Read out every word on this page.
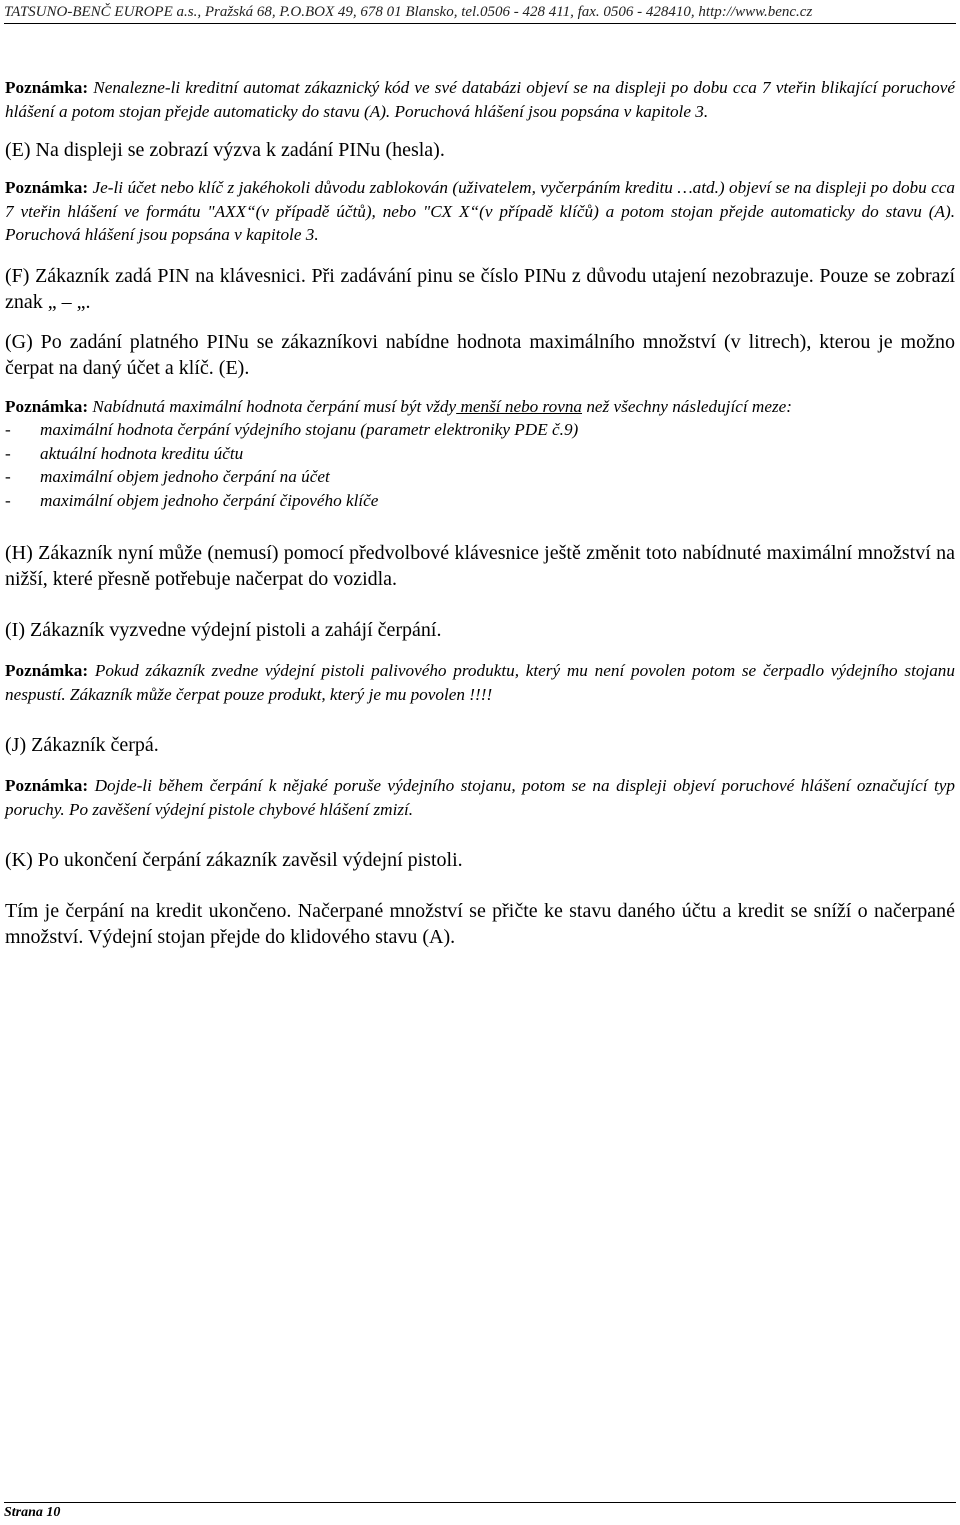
TATSUNO-BENČ EUROPE a.s., Pražská 68, P.O.BOX 49, 678 01 Blansko, tel.0506 - 428 411, fax. 0506 - 428410, http://www.benc.cz

Poznámka: Nenalezne-li kreditní automat zákaznický kód ve své databázi objeví se na displeji po dobu cca 7 vteřin blikající poruchové hlášení a potom stojan přejde automaticky do stavu (A). Poruchová hlášení jsou popsána v kapitole 3.

(E) Na displeji se zobrazí výzva k zadání PINu (hesla).

Poznámka: Je-li účet nebo klíč z jakéhokoli důvodu zablokován (uživatelem, vyčerpáním kreditu …atd.) objeví se na displeji po dobu cca 7 vteřin hlášení ve formátu "AXX“(v případě účtů), nebo "CX X“(v případě klíčů) a potom stojan přejde automaticky do stavu (A). Poruchová hlášení jsou popsána v kapitole 3.

(F) Zákazník zadá PIN na klávesnici. Při zadávání pinu se číslo PINu z důvodu utajení nezobrazuje. Pouze se zobrazí znak „ – „.

(G) Po zadání platného PINu se zákazníkovi nabídne hodnota maximálního množství (v litrech), kterou je možno čerpat na daný účet a klíč. (E).

Poznámka: Nabídnutá maximální hodnota čerpání musí být vždy menší nebo rovna než všechny následující meze:

-	maximální hodnota čerpání výdejního stojanu (parametr elektroniky PDE č.9)

-	aktuální hodnota kreditu účtu

-	maximální objem jednoho čerpání na účet

-	maximální objem jednoho čerpání čipového klíče

(H) Zákazník nyní může (nemusí) pomocí předvolbové klávesnice ještě změnit toto nabídnuté maximální množství na nižší, které přesně potřebuje načerpat do vozidla.

(I) Zákazník vyzvedne výdejní pistoli a zahájí čerpání.

Poznámka: Pokud zákazník zvedne výdejní pistoli palivového produktu, který mu není povolen potom se čerpadlo výdejního stojanu nespustí. Zákazník může čerpat pouze produkt, který je mu povolen !!!!

(J) Zákazník čerpá.

Poznámka: Dojde-li během čerpání k nějaké poruše výdejního stojanu, potom se na displeji objeví poruchové hlášení označující typ poruchy. Po zavěšení výdejní pistole chybové hlášení zmizí.

(K) Po ukončení čerpání zákazník zavěsil výdejní pistoli.

Tím je čerpání na kredit ukončeno. Načerpané množství se přičte ke stavu daného účtu a kredit se sníží o načerpané množství. Výdejní stojan přejde do klidového stavu (A).

Strana 10
